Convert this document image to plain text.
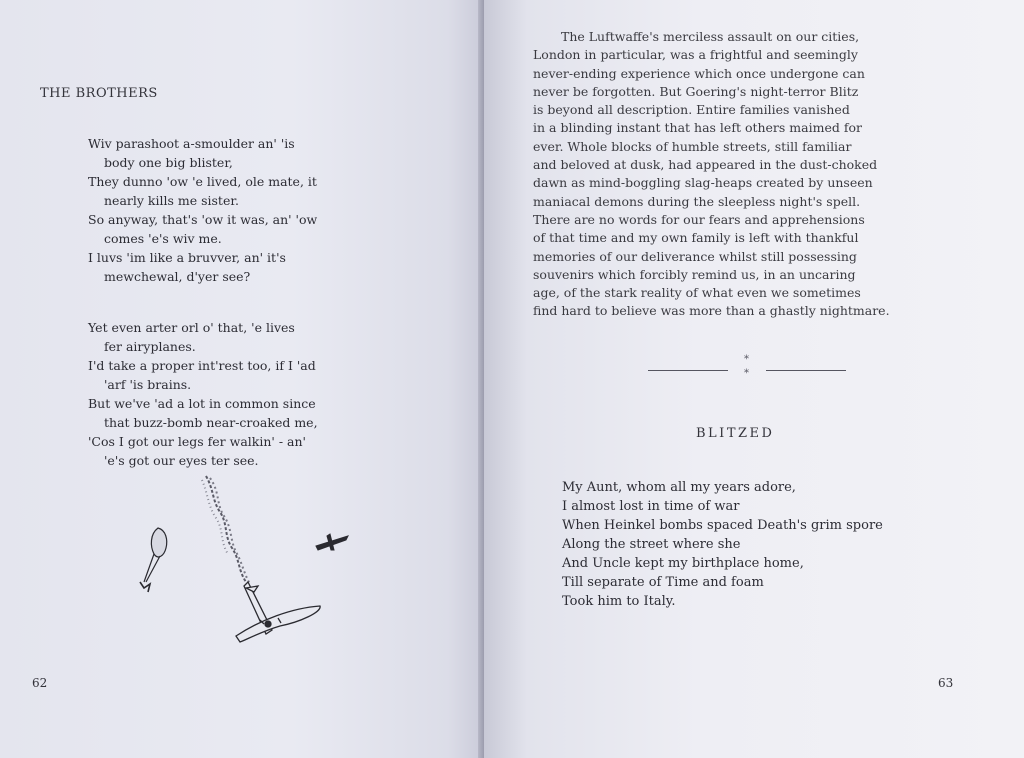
THE BROTHERS
Wiv parashoot a-smoulder an' 'is
body one big blister,
They dunno 'ow 'e lived, ole mate, it
nearly kills me sister.
So anyway, that's 'ow it was, an' 'ow
comes 'e's wiv me.
I luvs 'im like a bruvver, an' it's
mewchewal, d'yer see?
Yet even arter orl o' that, 'e lives
fer airyplanes.
I'd take a proper int'rest too, if I 'ad
'arf 'is brains.
But we've 'ad a lot in common since
that buzz-bomb near-croaked me,
'Cos I got our legs fer walkin' - an'
'e's got our eyes ter see.
62
The Luftwaffe's merciless assault on our cities,
London in particular, was a frightful and seemingly
never-ending experience which once undergone can
never be forgotten. But Goering's night-terror Blitz
is beyond all description. Entire families vanished
in a blinding instant that has left others maimed for
ever. Whole blocks of humble streets, still familiar
and beloved at dusk, had appeared in the dust-choked
dawn as mind-boggling slag-heaps created by unseen
maniacal demons during the sleepless night's spell.
There are no words for our fears and apprehensions
of that time and my own family is left with thankful
memories of our deliverance whilst still possessing
souvenirs which forcibly remind us, in an uncaring
age, of the stark reality of what even we sometimes
find hard to believe was more than a ghastly nightmare.
*
*
BLITZED
My Aunt, whom all my years adore,
I almost lost in time of war
When Heinkel bombs spaced Death's grim spore
Along the street where she
And Uncle kept my birthplace home,
Till separate of Time and foam
Took him to Italy.
63
